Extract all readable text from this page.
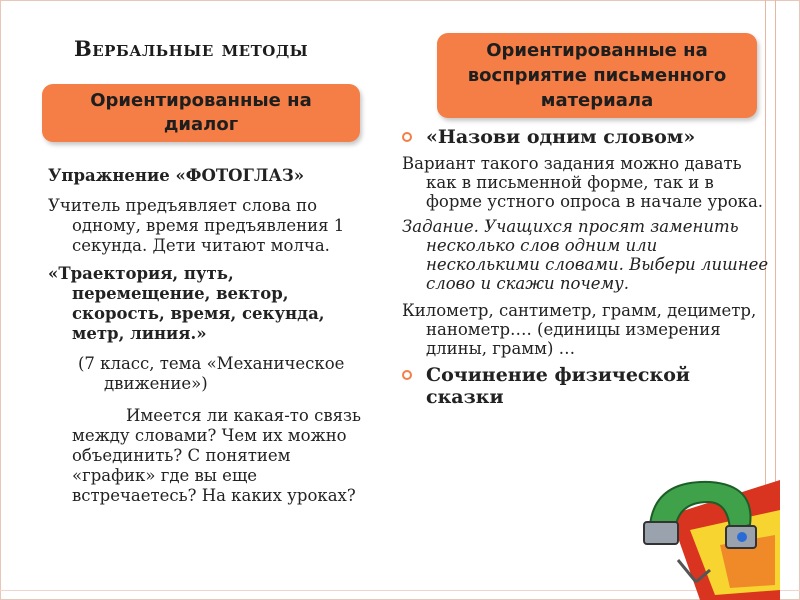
Вербальные методы
Ориентированные на диалог
Ориентированные на восприятие письменного материала

Упражнение «ФОТОГЛАЗ»

Учитель предъявляет слова по одному, время предъявления 1 секунда. Дети читают молча.

«Траектория, путь, перемещение, вектор, скорость, время, секунда, метр, линия.»

(7 класс, тема «Механическое движение»)

Имеется ли какая-то связь между словами? Чем их можно объединить? С понятием «график» где вы еще встречаетесь? На каких уроках?

«Назови одним словом»

Вариант такого задания можно давать как в письменной форме, так и в форме устного опроса в начале урока.

Задание. Учащихся просят заменить несколько слов одним или несколькими словами. Выбери лишнее слово и скажи почему.

Километр, сантиметр, грамм, дециметр, нанометр…. (единицы измерения длины, грамм) …

Сочинение физической сказки
